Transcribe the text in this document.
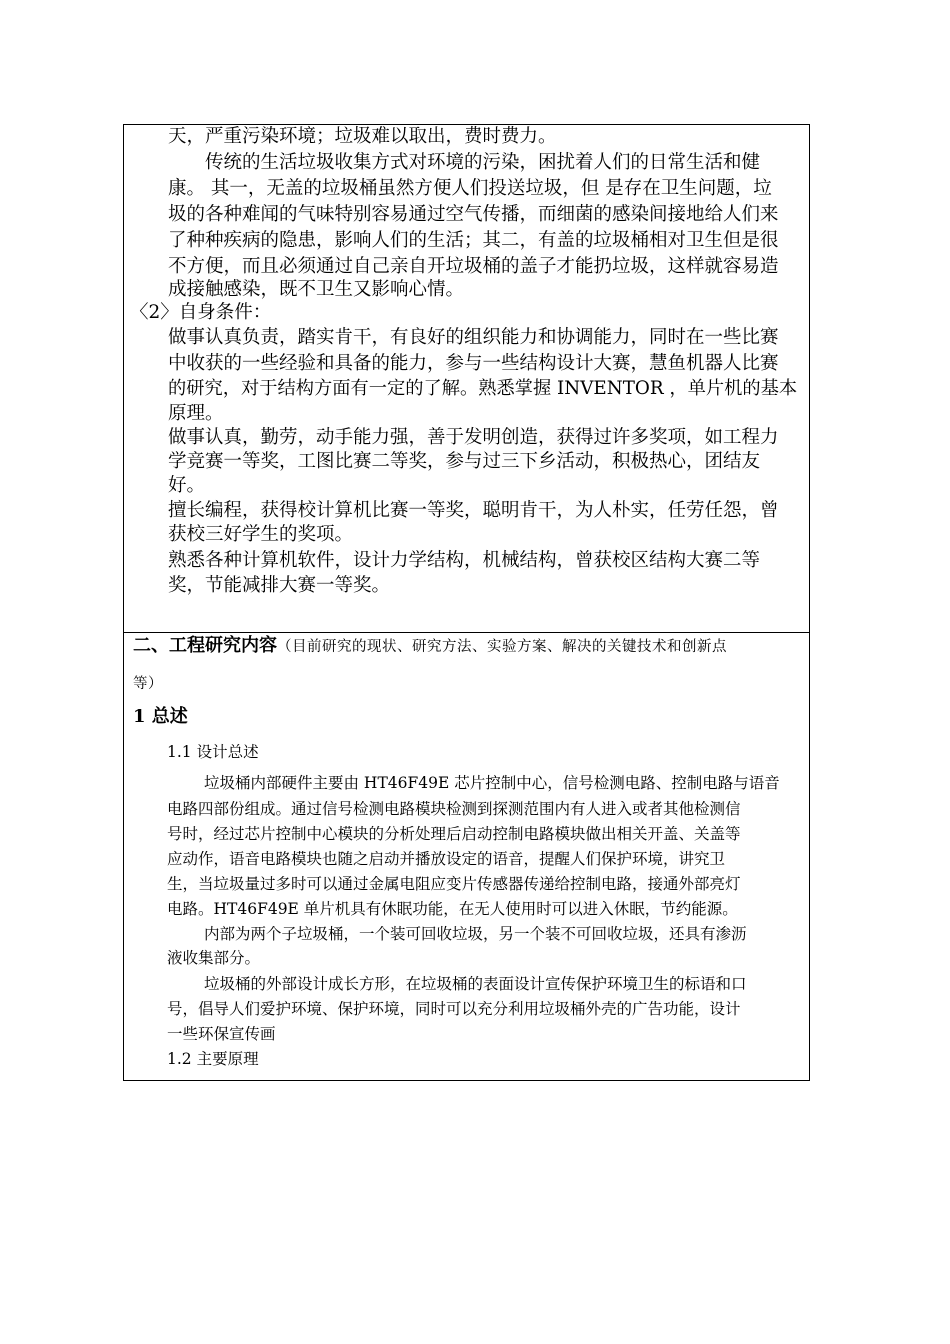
天，严重污染环境；垃圾难以取出，费时费力。
传统的生活垃圾收集方式对环境的污染，困扰着人们的日常生活和健
康。 其一，无盖的垃圾桶虽然方便人们投送垃圾，但 是存在卫生问题，垃
圾的各种难闻的气味特别容易通过空气传播，而细菌的感染间接地给人们来
了种种疾病的隐患，影响人们的生活；其二，有盖的垃圾桶相对卫生但是很
不方便，而且必须通过自己亲自开垃圾桶的盖子才能扔垃圾，这样就容易造
成接触感染，既不卫生又影响心情。
〈2〉自身条件：
做事认真负责，踏实肯干，有良好的组织能力和协调能力，同时在一些比赛
中收获的一些经验和具备的能力，参与一些结构设计大赛，慧鱼机器人比赛
的研究，对于结构方面有一定的了解。熟悉掌握 INVENTOR ，单片机的基本
原理。
做事认真，勤劳，动手能力强，善于发明创造，获得过许多奖项，如工程力
学竞赛一等奖，工图比赛二等奖，参与过三下乡活动，积极热心，团结友
好。
擅长编程，获得校计算机比赛一等奖，聪明肯干，为人朴实，任劳任怨，曾
获校三好学生的奖项。
熟悉各种计算机软件，设计力学结构，机械结构，曾获校区结构大赛二等
奖，节能减排大赛一等奖。
二、工程研究内容（目前研究的现状、研究方法、实验方案、解决的关键技术和创新点
等）
1 总述
1.1 设计总述
垃圾桶内部硬件主要由 HT46F49E 芯片控制中心，信号检测电路、控制电路与语音
电路四部份组成。通过信号检测电路模块检测到探测范围内有人进入或者其他检测信
号时，经过芯片控制中心模块的分析处理后启动控制电路模块做出相关开盖、关盖等
应动作，语音电路模块也随之启动并播放设定的语音，提醒人们保护环境，讲究卫
生，当垃圾量过多时可以通过金属电阻应变片传感器传递给控制电路，接通外部亮灯
电路。HT46F49E 单片机具有休眠功能，在无人使用时可以进入休眠，节约能源。
内部为两个子垃圾桶，一个装可回收垃圾，另一个装不可回收垃圾，还具有渗沥
液收集部分。
垃圾桶的外部设计成长方形，在垃圾桶的表面设计宣传保护环境卫生的标语和口
号，倡导人们爱护环境、保护环境，同时可以充分利用垃圾桶外壳的广告功能，设计
一些环保宣传画
1.2 主要原理
